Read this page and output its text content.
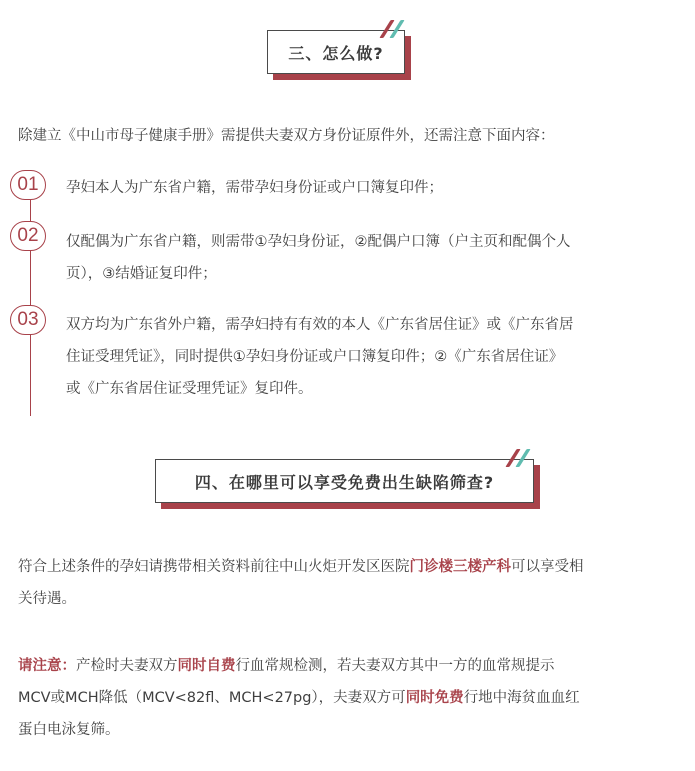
三、怎么做?
除建立《中山市母子健康手册》需提供夫妻双方身份证原件外，还需注意下面内容：
01 孕妇本人为广东省户籍，需带孕妇身份证或户口簿复印件；
02 仅配偶为广东省户籍，则需带①孕妇身份证，②配偶户口簿（户主页和配偶个人
页），③结婚证复印件；
03 双方均为广东省外户籍，需孕妇持有有效的本人《广东省居住证》或《广东省居
住证受理凭证》，同时提供①孕妇身份证或户口簿复印件；②《广东省居住证》
或《广东省居住证受理凭证》复印件。
四、在哪里可以享受免费出生缺陷筛查?
符合上述条件的孕妇请携带相关资料前往中山火炬开发区医院门诊楼三楼产科可以享受相
关待遇。
请注意：产检时夫妻双方同时自费行血常规检测，若夫妻双方其中一方的血常规提示
MCV或MCH降低（MCV<82fl、MCH<27pg），夫妻双方可同时免费行地中海贫血血红
蛋白电泳复筛。
